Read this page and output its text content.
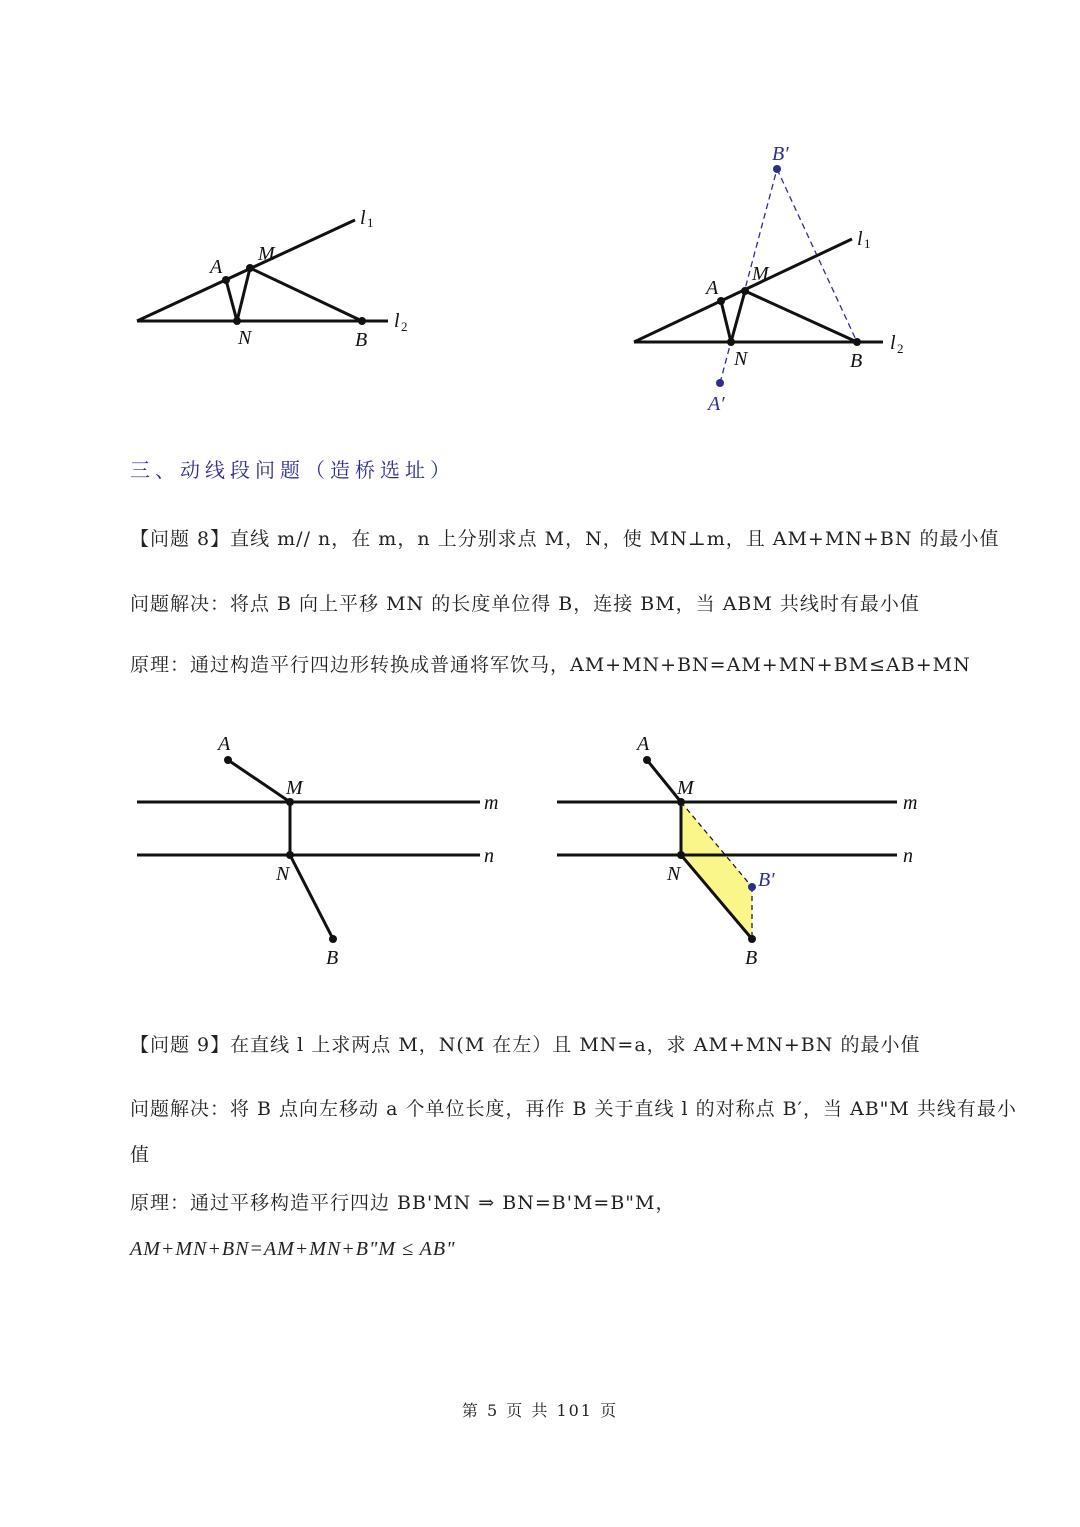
A
M
N	B
l 1
l 2
B′
A
M
N	B
A′
l 1
l 2
三、动线段问题（造桥选址）
【问题 8】直线 m// n，在 m，n 上分别求点 M，N，使 MN⊥m，且 AM+MN+BN 的最小值
问题解决：将点 B 向上平移 MN 的长度单位得 B，连接 BM，当 ABM 共线时有最小值
原理：通过构造平行四边形转换成普通将军饮马，AM+MN+BN=AM+MN+BM≤AB+MN
A
M
N
B
m
n
A
M
N	B′
B
m
n
【问题 9】在直线 l 上求两点 M，N(M 在左）且 MN=a，求 AM+MN+BN 的最小值
问题解决：将 B 点向左移动 a 个单位长度，再作 B 关于直线 l 的对称点 B′，当 AB"M 共线有最小
值
原理：通过平移构造平行四边 BB'MN ⇒ BN=B'M=B"M，
AM+MN+BN=AM+MN+B"M ≤ AB"
第 5 页 共 101 页
